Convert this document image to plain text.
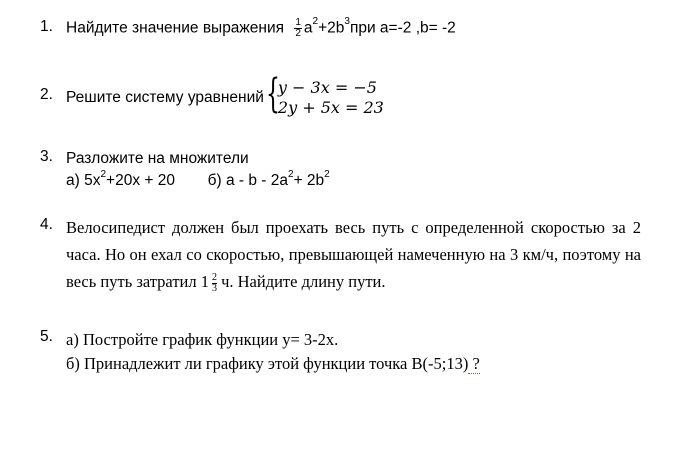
1. Найдите значение выражения $\frac{1}{2} a^2+2b^3при$ a=-2 ,b= -2
2. Решите систему уравнений {
y − 3x = −5
2y + 5x = 23
3. Разложите на множители
а) $5x^2+20x + 20$ б) $a - b - 2a^2+ 2b^2$
4. Велосипедист должен был проехать весь путь с определенной скоростью за 2 часа. Но он ехал со скоростью, превышающей намеченную на 3 км/ч, поэтому на весь путь затратил $1 \frac{2}{3} ч$. Найдите длину пути.
5. а) Постройте график функции y= 3-2x.
б) Принадлежит ли графику этой функции точка B(-5;13) ?
